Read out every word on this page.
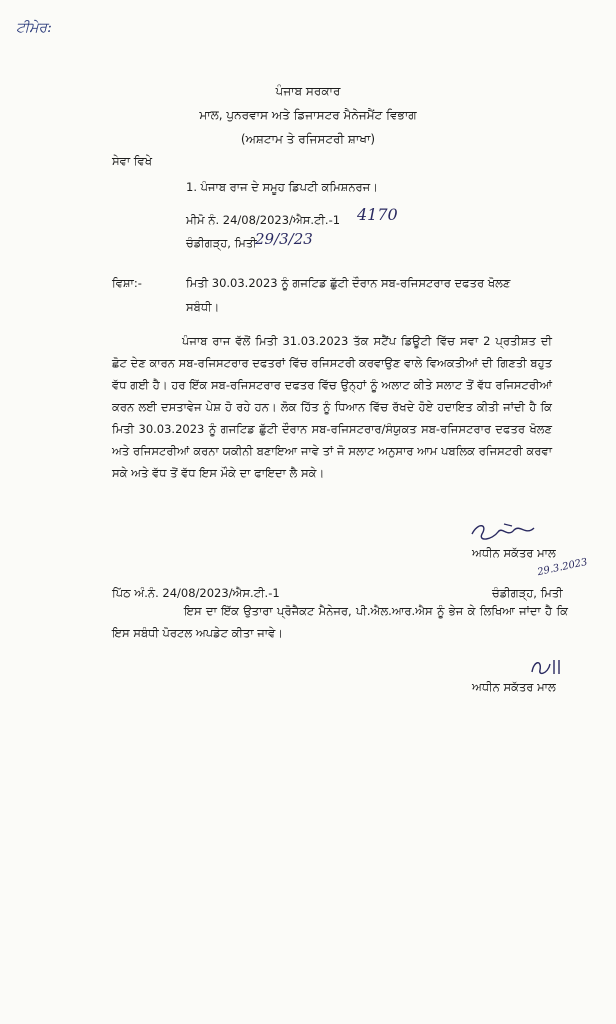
ਟੀਮੇਰ:
ਪੰਜਾਬ ਸਰਕਾਰ
ਮਾਲ, ਪੁਨਰਵਾਸ ਅਤੇ ਡਿਜਾਸਟਰ ਮੈਨੇਜਮੈਂਟ ਵਿਭਾਗ
(ਅਸ਼ਟਾਮ ਤੇ ਰਜਿਸਟਰੀ ਸ਼ਾਖਾ)
ਸੇਵਾ ਵਿਖੇ
1. ਪੰਜਾਬ ਰਾਜ ਦੇ ਸਮੂਹ ਡਿਪਟੀ ਕਮਿਸ਼ਨਰਜ।
ਮੀਮੋ ਨੰ. 24/08/2023/ਐਸ.ਟੀ.-1 4170
ਚੰਡੀਗੜ੍ਹ, ਮਿਤੀ
29/3/23
ਵਿਸ਼ਾ:-	ਮਿਤੀ 30.03.2023 ਨੂੰ ਗਜਟਿਡ ਛੁੱਟੀ ਦੌਰਾਨ ਸਬ-ਰਜਿਸਟਰਾਰ ਦਫਤਰ ਖੋਲਣ
ਸਬੰਧੀ।
ਪੰਜਾਬ ਰਾਜ ਵੱਲੋਂ ਮਿਤੀ 31.03.2023 ਤੱਕ ਸਟੈਂਪ ਡਿਊਟੀ ਵਿੱਚ ਸਵਾ 2 ਪ੍ਰਤੀਸ਼ਤ ਦੀ ਛੋਟ ਦੇਣ ਕਾਰਨ ਸਬ-ਰਜਿਸਟਰਾਰ ਦਫਤਰਾਂ ਵਿੱਚ ਰਜਿਸਟਰੀ ਕਰਵਾਉਣ ਵਾਲੇ ਵਿਅਕਤੀਆਂ ਦੀ ਗਿਣਤੀ ਬਹੁਤ ਵੱਧ ਗਈ ਹੈ। ਹਰ ਇੱਕ ਸਬ-ਰਜਿਸਟਰਾਰ ਦਫਤਰ ਵਿੱਚ ਉਨ੍ਹਾਂ ਨੂੰ ਅਲਾਟ ਕੀਤੇ ਸਲਾਟ ਤੋਂ ਵੱਧ ਰਜਿਸਟਰੀਆਂ ਕਰਨ ਲਈ ਦਸਤਾਵੇਜ ਪੇਸ਼ ਹੋ ਰਹੇ ਹਨ। ਲੋਕ ਹਿੱਤ ਨੂੰ ਧਿਆਨ ਵਿੱਚ ਰੱਖਦੇ ਹੋਏ ਹਦਾਇਤ ਕੀਤੀ ਜਾਂਦੀ ਹੈ ਕਿ ਮਿਤੀ 30.03.2023 ਨੂੰ ਗਜਟਿਡ ਛੁੱਟੀ ਦੌਰਾਨ ਸਬ-ਰਜਿਸਟਰਾਰ/ਸੰਯੁਕਤ ਸਬ-ਰਜਿਸਟਰਾਰ ਦਫਤਰ ਖੋਲਣ ਅਤੇ ਰਜਿਸਟਰੀਆਂ ਕਰਨਾ ਯਕੀਨੀ ਬਣਾਇਆ ਜਾਵੇ ਤਾਂ ਜੋ ਸਲਾਟ ਅਨੁਸਾਰ ਆਮ ਪਬਲਿਕ ਰਜਿਸਟਰੀ ਕਰਵਾ ਸਕੇ ਅਤੇ ਵੱਧ ਤੋਂ ਵੱਧ ਇਸ ਮੌਕੇ ਦਾ ਫਾਇਦਾ ਲੈ ਸਕੇ।
ਅਧੀਨ ਸਕੱਤਰ ਮਾਲ
29.3.2023
ਪਿੱਠ ਅੰ.ਨੰ. 24/08/2023/ਐਸ.ਟੀ.-1	ਚੰਡੀਗੜ੍ਹ, ਮਿਤੀ
ਇਸ ਦਾ ਇੱਕ ਉਤਾਰਾ ਪ੍ਰੋਜੈਕਟ ਮੈਨੇਜਰ, ਪੀ.ਐਲ.ਆਰ.ਐਸ ਨੂੰ ਭੇਜ ਕੇ ਲਿਖਿਆ ਜਾਂਦਾ ਹੈ ਕਿ ਇਸ ਸਬੰਧੀ ਪੋਰਟਲ ਅਪਡੇਟ ਕੀਤਾ ਜਾਵੇ।
ਅਧੀਨ ਸਕੱਤਰ ਮਾਲ
